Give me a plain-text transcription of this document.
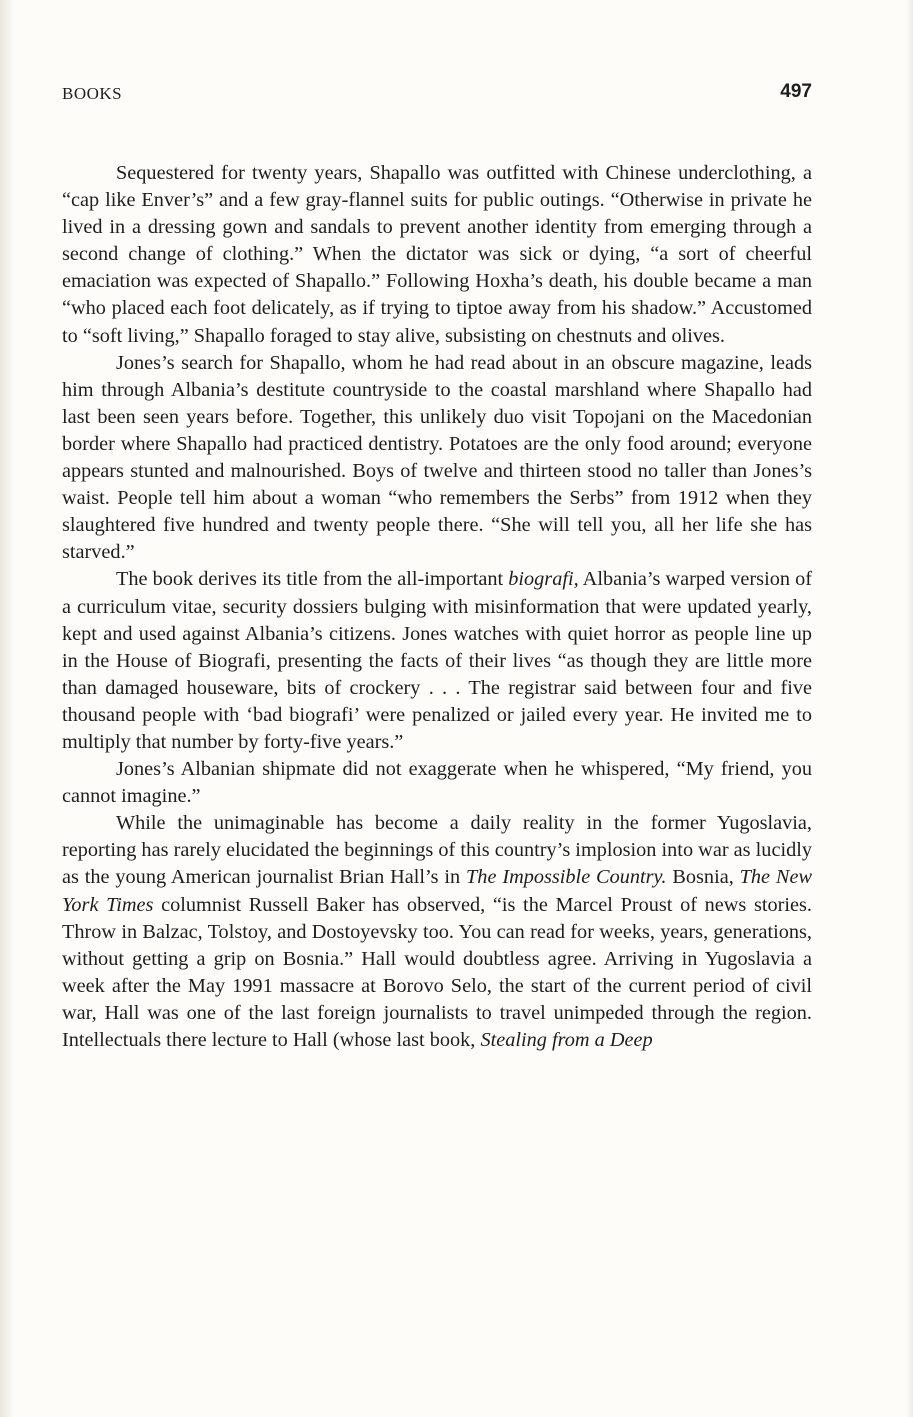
BOOKS	497

Sequestered for twenty years, Shapallo was outfitted with Chinese underclothing, a “cap like Enver’s” and a few gray-flannel suits for public outings. “Otherwise in private he lived in a dressing gown and sandals to prevent another identity from emerging through a second change of clothing.” When the dictator was sick or dying, “a sort of cheerful emaciation was expected of Shapallo.” Following Hoxha’s death, his double became a man “who placed each foot delicately, as if trying to tiptoe away from his shadow.” Accustomed to “soft living,” Shapallo foraged to stay alive, subsisting on chestnuts and olives.

Jones’s search for Shapallo, whom he had read about in an obscure magazine, leads him through Albania’s destitute countryside to the coastal marshland where Shapallo had last been seen years before. Together, this unlikely duo visit Topojani on the Macedonian border where Shapallo had practiced dentistry. Potatoes are the only food around; everyone appears stunted and malnourished. Boys of twelve and thirteen stood no taller than Jones’s waist. People tell him about a woman “who remembers the Serbs” from 1912 when they slaughtered five hundred and twenty people there. “She will tell you, all her life she has starved.”

The book derives its title from the all-important biografi, Albania’s warped version of a curriculum vitae, security dossiers bulging with misinformation that were updated yearly, kept and used against Albania’s citizens. Jones watches with quiet horror as people line up in the House of Biografi, presenting the facts of their lives “as though they are little more than damaged houseware, bits of crockery . . . The registrar said between four and five thousand people with ‘bad biografi’ were penalized or jailed every year. He invited me to multiply that number by forty-five years.”

Jones’s Albanian shipmate did not exaggerate when he whispered, “My friend, you cannot imagine.”

While the unimaginable has become a daily reality in the former Yugoslavia, reporting has rarely elucidated the beginnings of this country’s implosion into war as lucidly as the young American journalist Brian Hall’s in The Impossible Country. Bosnia, The New York Times columnist Russell Baker has observed, “is the Marcel Proust of news stories. Throw in Balzac, Tolstoy, and Dostoyevsky too. You can read for weeks, years, generations, without getting a grip on Bosnia.” Hall would doubtless agree. Arriving in Yugoslavia a week after the May 1991 massacre at Borovo Selo, the start of the current period of civil war, Hall was one of the last foreign journalists to travel unimpeded through the region. Intellectuals there lecture to Hall (whose last book, Stealing from a Deep
